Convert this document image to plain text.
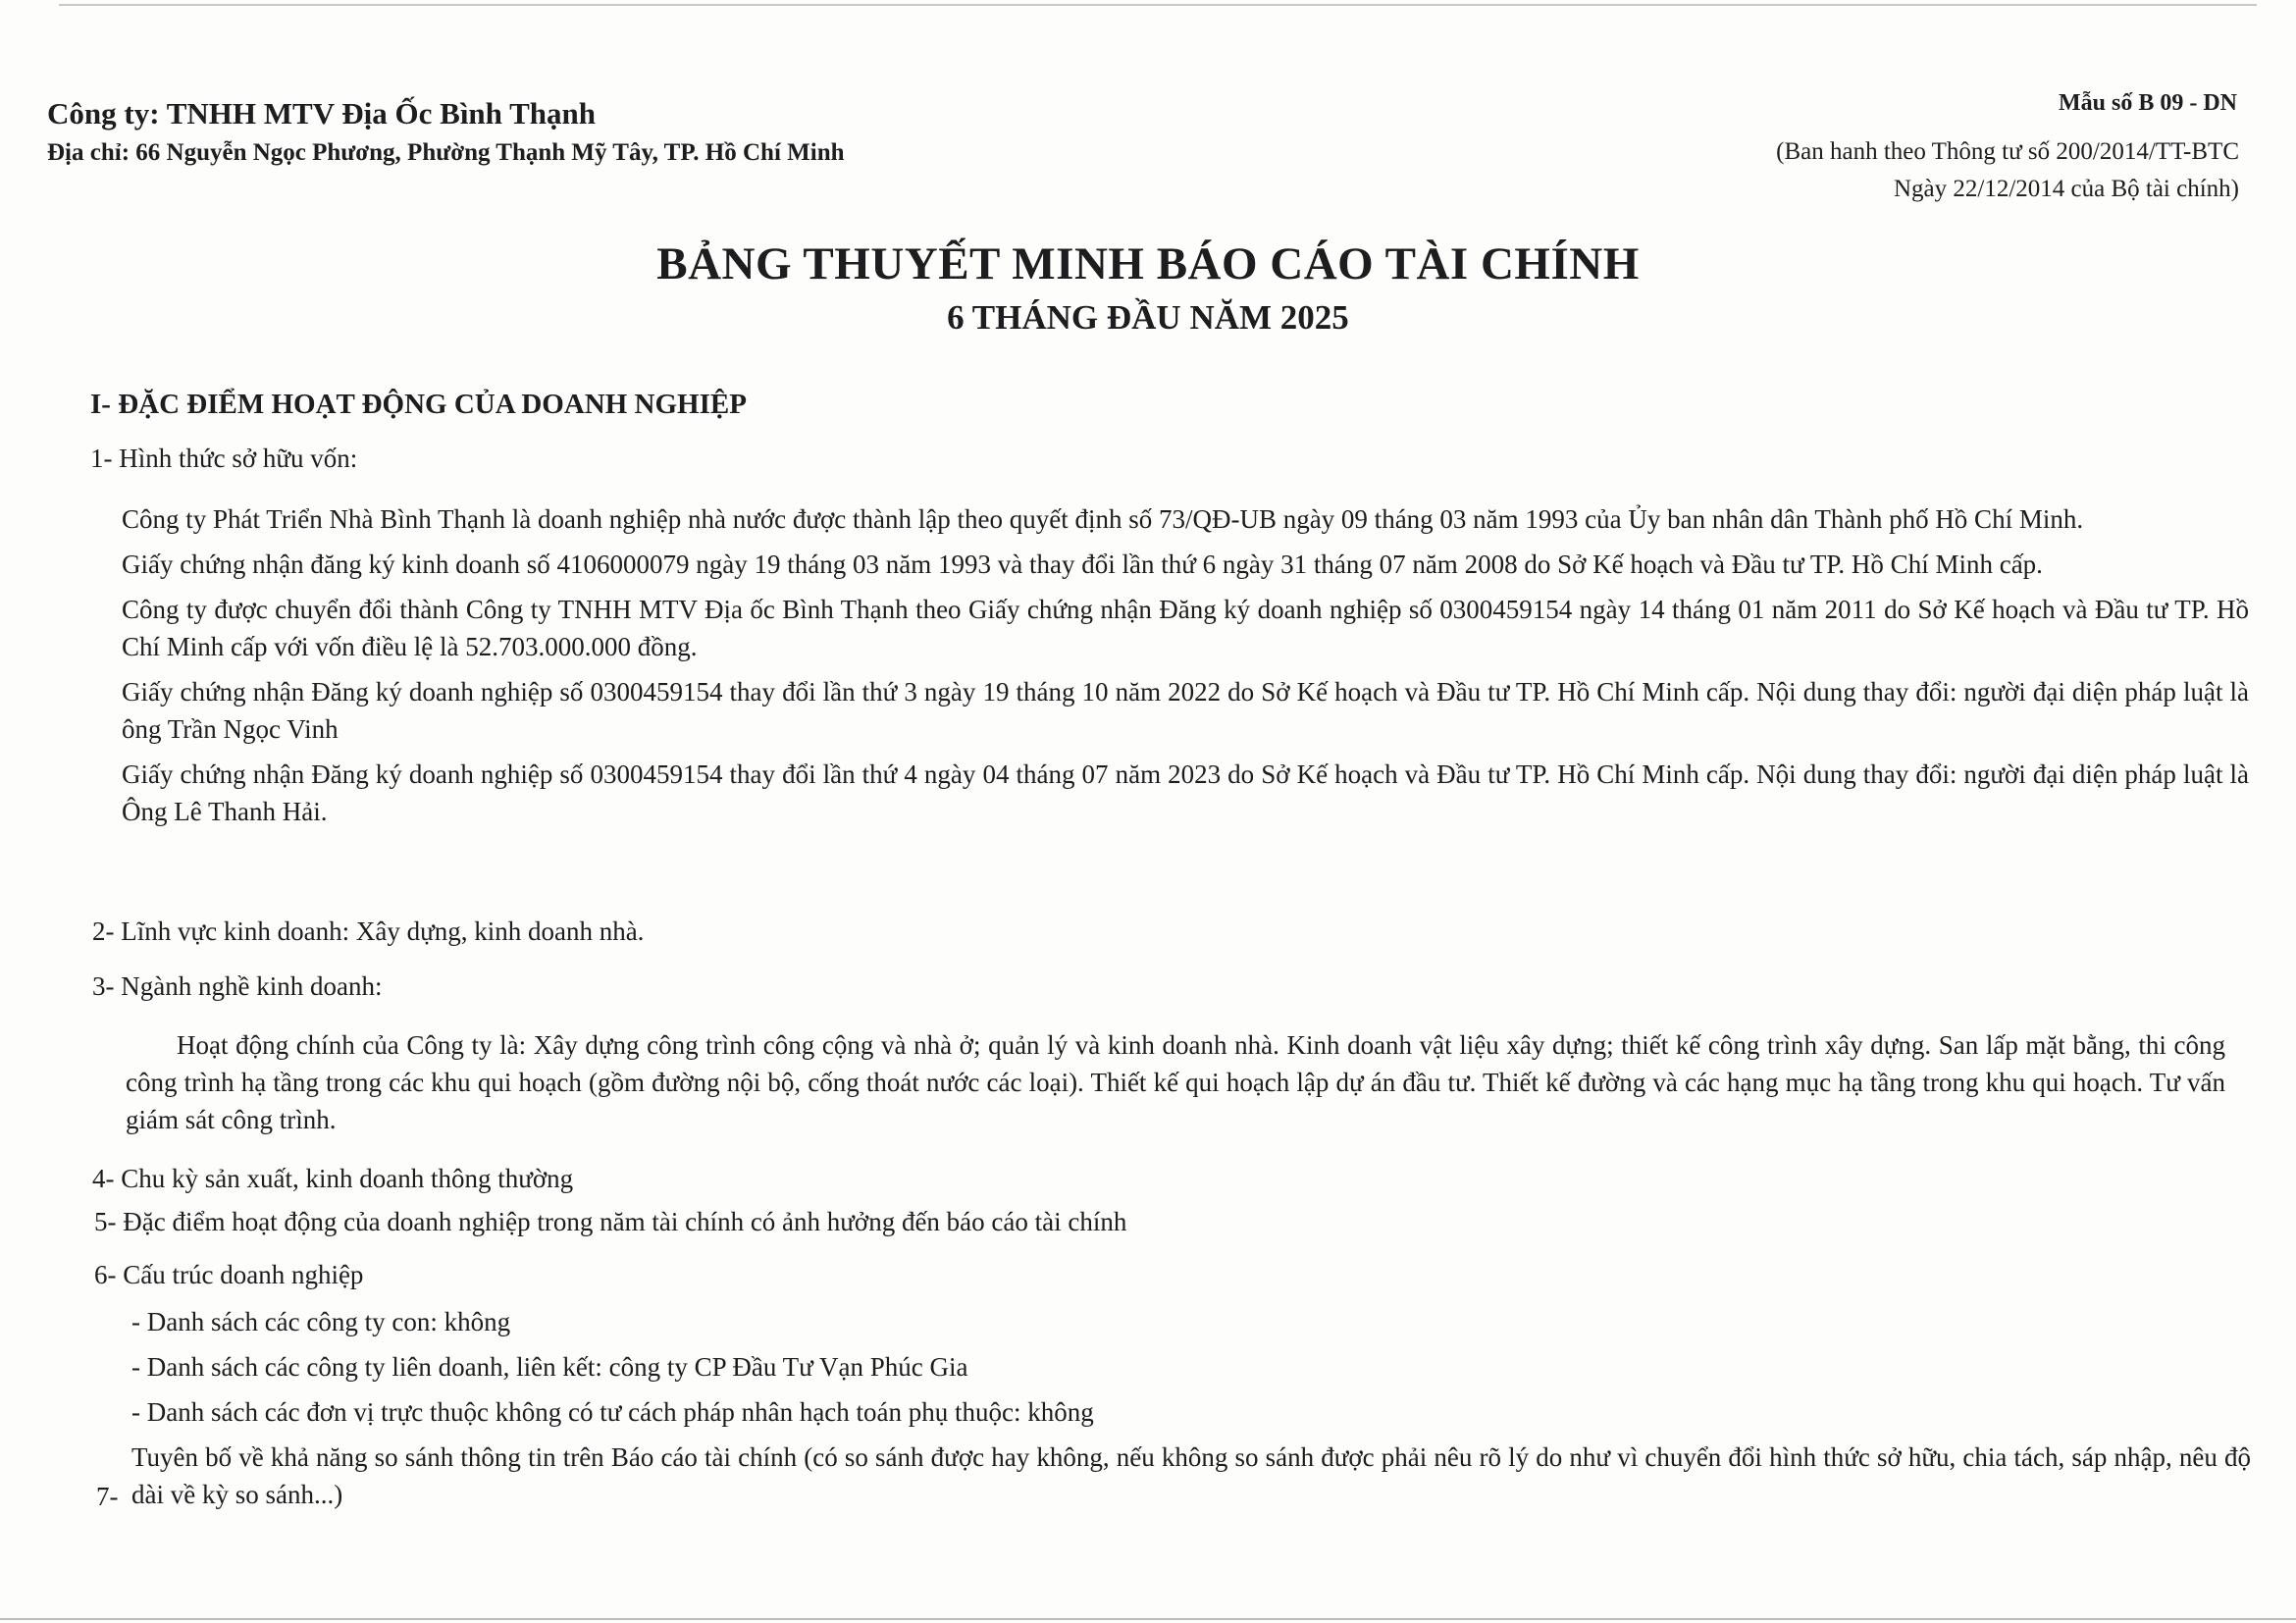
Công ty: TNHH MTV Địa Ốc Bình Thạnh
Địa chỉ: 66 Nguyễn Ngọc Phương, Phường Thạnh Mỹ Tây, TP. Hồ Chí Minh
Mẫu số B 09 - DN
(Ban hanh theo Thông tư số 200/2014/TT-BTC
Ngày 22/12/2014 của Bộ tài chính)
BẢNG THUYẾT MINH BÁO CÁO TÀI CHÍNH
6 THÁNG ĐẦU NĂM 2025
I- ĐẶC ĐIỂM HOẠT ĐỘNG CỦA DOANH NGHIỆP
1- Hình thức sở hữu vốn:

Công ty Phát Triển Nhà Bình Thạnh là doanh nghiệp nhà nước được thành lập theo quyết định số 73/QĐ-UB ngày 09 tháng 03 năm 1993 của Ủy ban nhân dân Thành phố Hồ Chí Minh.

Giấy chứng nhận đăng ký kinh doanh số 4106000079 ngày 19 tháng 03 năm 1993 và thay đổi lần thứ 6 ngày 31 tháng 07 năm 2008 do Sở Kế hoạch và Đầu tư TP. Hồ Chí Minh cấp.

Công ty được chuyển đổi thành Công ty TNHH MTV Địa ốc Bình Thạnh theo Giấy chứng nhận Đăng ký doanh nghiệp số 0300459154 ngày 14 tháng 01 năm 2011 do Sở Kế hoạch và Đầu tư TP. Hồ Chí Minh cấp với vốn điều lệ là 52.703.000.000 đồng.

Giấy chứng nhận Đăng ký doanh nghiệp số 0300459154 thay đổi lần thứ 3 ngày 19 tháng 10 năm 2022 do Sở Kế hoạch và Đầu tư TP. Hồ Chí Minh cấp. Nội dung thay đổi: người đại diện pháp luật là ông Trần Ngọc Vinh

Giấy chứng nhận Đăng ký doanh nghiệp số 0300459154 thay đổi lần thứ 4 ngày 04 tháng 07 năm 2023 do Sở Kế hoạch và Đầu tư TP. Hồ Chí Minh cấp. Nội dung thay đổi: người đại diện pháp luật là Ông Lê Thanh Hải.

2- Lĩnh vực kinh doanh: Xây dựng, kinh doanh nhà.
3- Ngành nghề kinh doanh:
Hoạt động chính của Công ty là: Xây dựng công trình công cộng và nhà ở; quản lý và kinh doanh nhà. Kinh doanh vật liệu xây dựng; thiết kế công trình xây dựng. San lấp mặt bằng, thi công công trình hạ tầng trong các khu qui hoạch (gồm đường nội bộ, cống thoát nước các loại). Thiết kế qui hoạch lập dự án đầu tư. Thiết kế đường và các hạng mục hạ tầng trong khu qui hoạch. Tư vấn giám sát công trình.
4- Chu kỳ sản xuất, kinh doanh thông thường
5- Đặc điểm hoạt động của doanh nghiệp trong năm tài chính có ảnh hưởng đến báo cáo tài chính
6- Cấu trúc doanh nghiệp
- Danh sách các công ty con: không
- Danh sách các công ty liên doanh, liên kết: công ty CP Đầu Tư Vạn Phúc Gia
- Danh sách các đơn vị trực thuộc không có tư cách pháp nhân hạch toán phụ thuộc: không
7-
Tuyên bố về khả năng so sánh thông tin trên Báo cáo tài chính (có so sánh được hay không, nếu không so sánh được phải nêu rõ lý do như vì chuyển đổi hình thức sở hữu, chia tách, sáp nhập, nêu độ dài về kỳ so sánh...)
